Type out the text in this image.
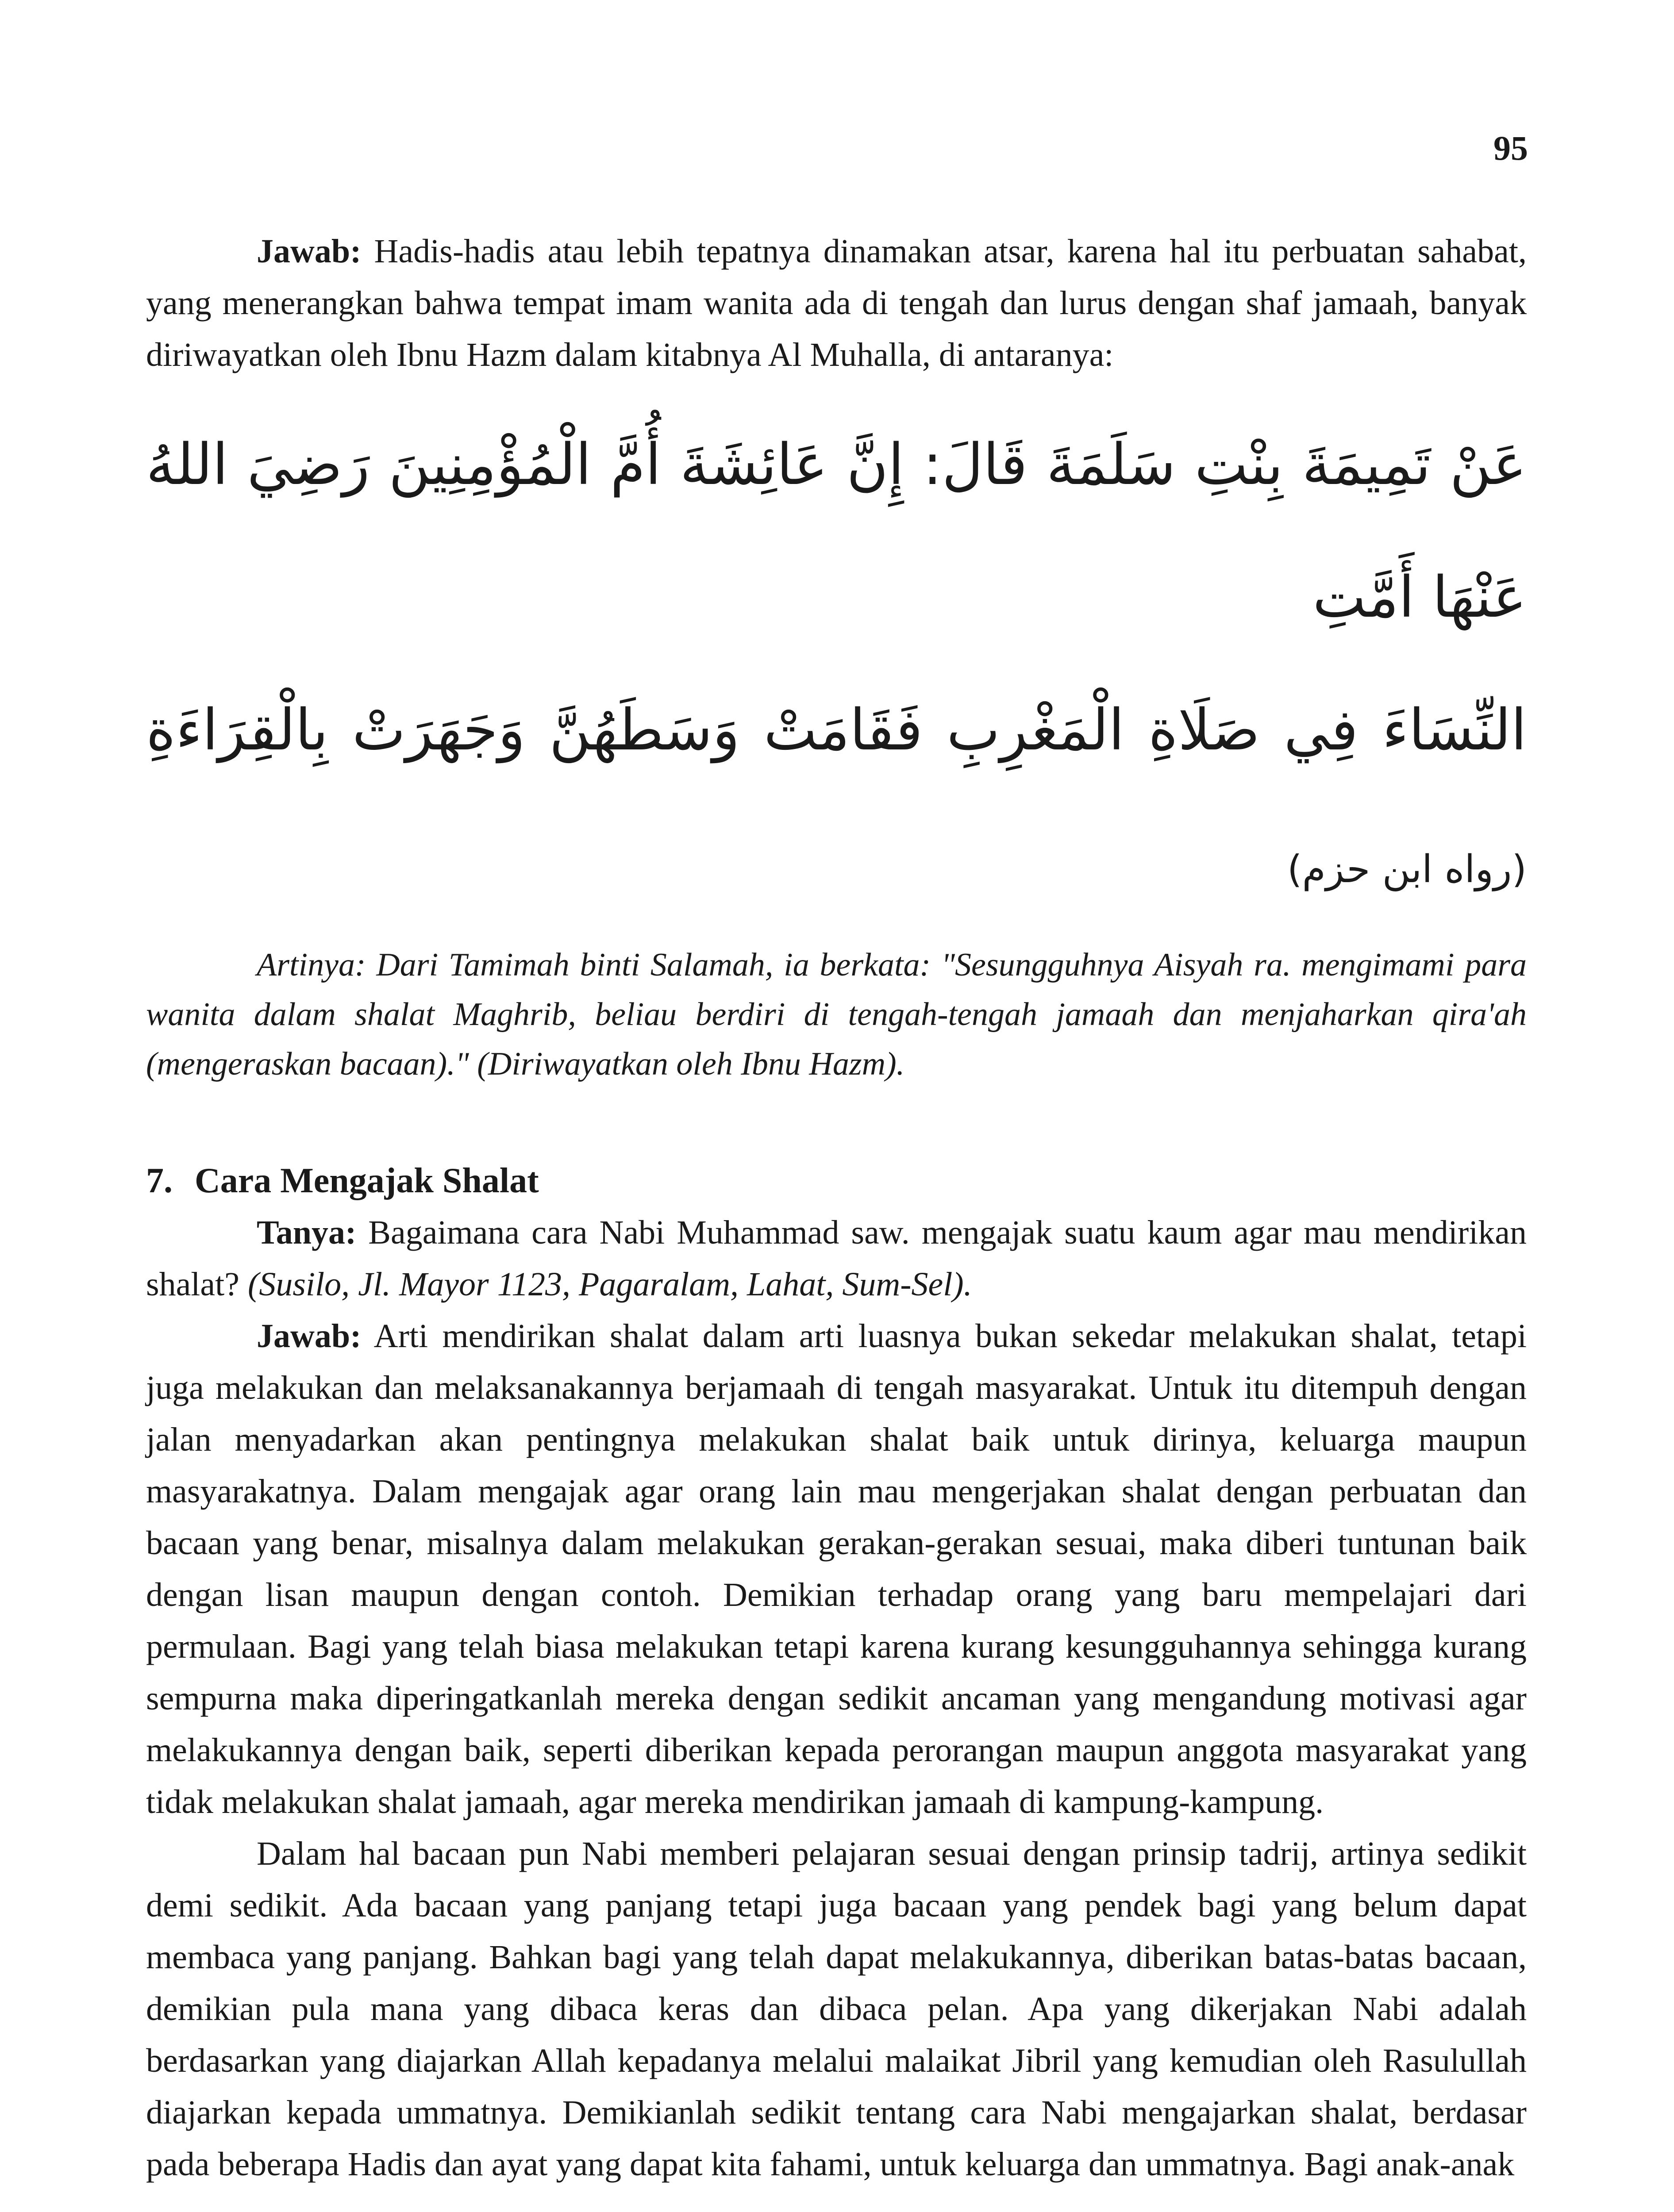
95

Jawab: Hadis-hadis atau lebih tepatnya dinamakan atsar, karena hal itu perbuatan sahabat, yang menerangkan bahwa tempat imam wanita ada di tengah dan lurus dengan shaf jamaah, banyak diriwayatkan oleh Ibnu Hazm dalam kitabnya Al Muhalla, di antaranya:

عَنْ تَمِيمَةَ بِنْتِ سَلَمَةَ قَالَ: إِنَّ عَائِشَةَ أُمَّ الْمُؤْمِنِينَ رَضِيَ اللهُ عَنْهَا أَمَّتِ
النِّسَاءَ فِي صَلَاةِ الْمَغْرِبِ فَقَامَتْ وَسَطَهُنَّ وَجَهَرَتْ بِالْقِرَاءَةِ (رواه ابن حزم)

Artinya: Dari Tamimah binti Salamah, ia berkata: "Sesungguhnya Aisyah ra. mengimami para wanita dalam shalat Maghrib, beliau berdiri di tengah-tengah jamaah dan menjaharkan qira'ah (mengeraskan bacaan)." (Diriwayatkan oleh Ibnu Hazm).

7. Cara Mengajak Shalat

Tanya: Bagaimana cara Nabi Muhammad saw. mengajak suatu kaum agar mau mendirikan shalat? (Susilo, Jl. Mayor 1123, Pagaralam, Lahat, Sum-Sel).

Jawab: Arti mendirikan shalat dalam arti luasnya bukan sekedar melakukan shalat, tetapi juga melakukan dan melaksanakannya berjamaah di tengah masyarakat. Untuk itu ditempuh dengan jalan menyadarkan akan pentingnya melakukan shalat baik untuk dirinya, keluarga maupun masyarakatnya. Dalam mengajak agar orang lain mau mengerjakan shalat dengan perbuatan dan bacaan yang benar, misalnya dalam melakukan gerakan-gerakan sesuai, maka diberi tuntunan baik dengan lisan maupun dengan contoh. Demikian terhadap orang yang baru mempelajari dari permulaan. Bagi yang telah biasa melakukan tetapi karena kurang kesungguhannya sehingga kurang sempurna maka diperingatkanlah mereka dengan sedikit ancaman yang mengandung motivasi agar melakukannya dengan baik, seperti diberikan kepada perorangan maupun anggota masyarakat yang tidak melakukan shalat jamaah, agar mereka mendirikan jamaah di kampung-kampung.

Dalam hal bacaan pun Nabi memberi pelajaran sesuai dengan prinsip tadrij, artinya sedikit demi sedikit. Ada bacaan yang panjang tetapi juga bacaan yang pendek bagi yang belum dapat membaca yang panjang. Bahkan bagi yang telah dapat melakukannya, diberikan batas-batas bacaan, demikian pula mana yang dibaca keras dan dibaca pelan. Apa yang dikerjakan Nabi adalah berdasarkan yang diajarkan Allah kepadanya melalui malaikat Jibril yang kemudian oleh Rasulullah diajarkan kepada ummatnya. Demikianlah sedikit tentang cara Nabi mengajarkan shalat, berdasar pada beberapa Hadis dan ayat yang dapat kita fahami, untuk keluarga dan ummatnya. Bagi anak-anak
